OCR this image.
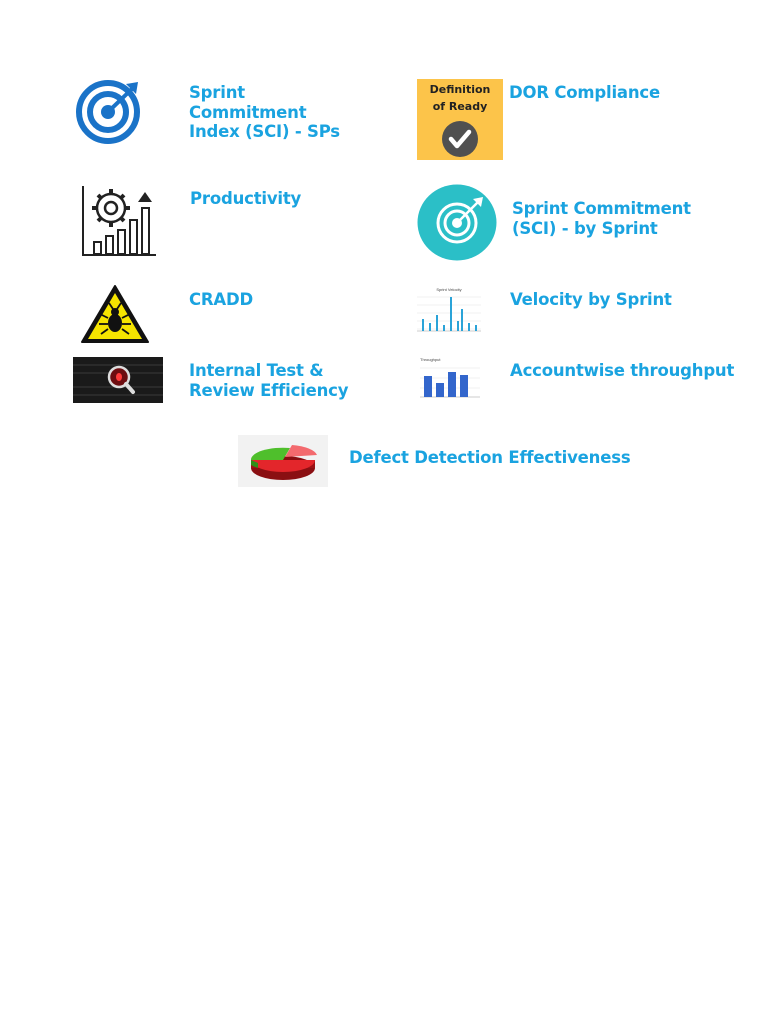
Sprint
Commitment
Index (SCI) - SPs
Definition
of Ready
DOR Compliance
Productivity
Sprint Commitment
(SCI) - by Sprint
CRADD
Sprint Velocity
Velocity by Sprint
Internal Test &
Review Efficiency
Throughput
Accountwise throughput
Defect Detection Effectiveness
